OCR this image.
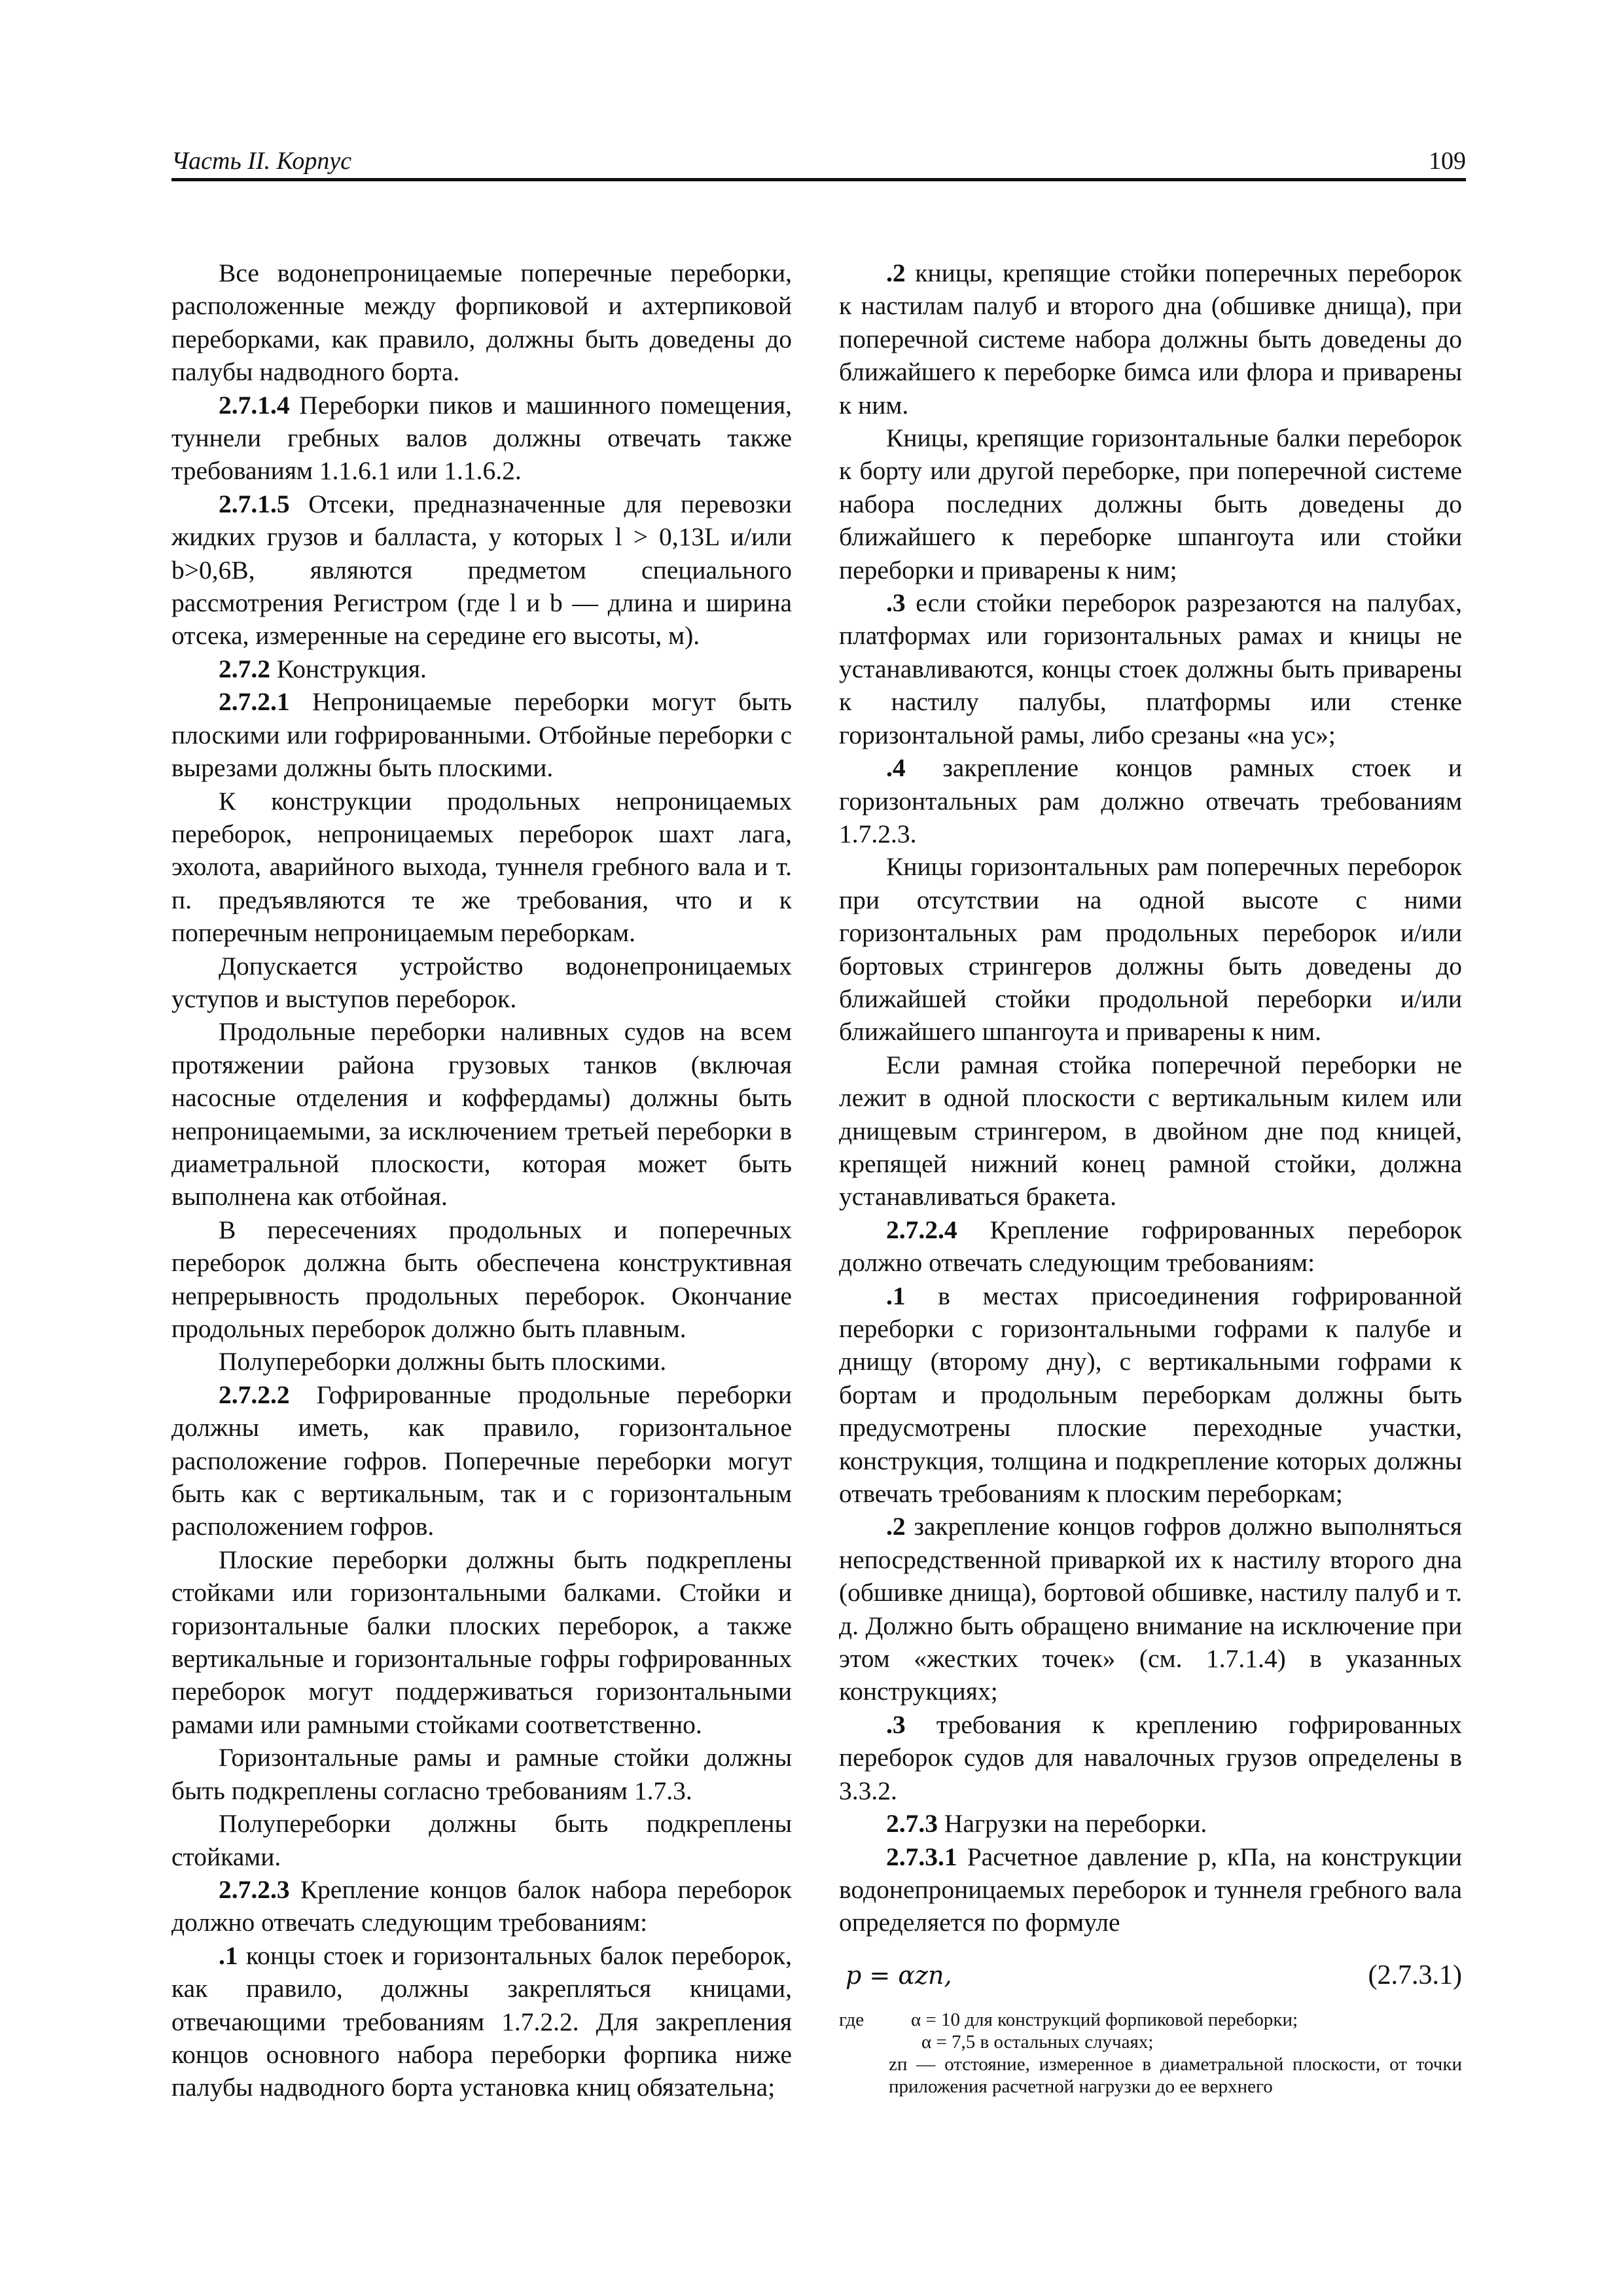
Часть II. Корпус	109

Все водонепроницаемые поперечные переборки, расположенные между форпиковой и ахтерпиковой переборками, как правило, должны быть доведены до палубы надводного борта.

2.7.1.4 Переборки пиков и машинного помещения, туннели гребных валов должны отвечать также требованиям 1.1.6.1 или 1.1.6.2.

2.7.1.5 Отсеки, предназначенные для перевозки жидких грузов и балласта, у которых l > 0,13L и/или b>0,6B, являются предметом специального рассмотрения Регистром (где l и b — длина и ширина отсека, измеренные на середине его высоты, м).

2.7.2 Конструкция.

2.7.2.1 Непроницаемые переборки могут быть плоскими или гофрированными. Отбойные переборки с вырезами должны быть плоскими.

К конструкции продольных непроницаемых переборок, непроницаемых переборок шахт лага, эхолота, аварийного выхода, туннеля гребного вала и т. п. предъявляются те же требования, что и к поперечным непроницаемым переборкам.

Допускается устройство водонепроницаемых уступов и выступов переборок.

Продольные переборки наливных судов на всем протяжении района грузовых танков (включая насосные отделения и коффердамы) должны быть непроницаемыми, за исключением третьей переборки в диаметральной плоскости, которая может быть выполнена как отбойная.

В пересечениях продольных и поперечных переборок должна быть обеспечена конструктивная непрерывность продольных переборок. Окончание продольных переборок должно быть плавным.

Полупереборки должны быть плоскими.

2.7.2.2 Гофрированные продольные переборки должны иметь, как правило, горизонтальное расположение гофров. Поперечные переборки могут быть как с вертикальным, так и с горизонтальным расположением гофров.

Плоские переборки должны быть подкреплены стойками или горизонтальными балками. Стойки и горизонтальные балки плоских переборок, а также вертикальные и горизонтальные гофры гофрированных переборок могут поддерживаться горизонтальными рамами или рамными стойками соответственно.

Горизонтальные рамы и рамные стойки должны быть подкреплены согласно требованиям 1.7.3.

Полупереборки должны быть подкреплены стойками.

2.7.2.3 Крепление концов балок набора переборок должно отвечать следующим требованиям:

.1 концы стоек и горизонтальных балок переборок, как правило, должны закрепляться кницами, отвечающими требованиям 1.7.2.2. Для закрепления концов основного набора переборки форпика ниже палубы надводного борта установка книц обязательна;

.2 кницы, крепящие стойки поперечных переборок к настилам палуб и второго дна (обшивке днища), при поперечной системе набора должны быть доведены до ближайшего к переборке бимса или флора и приварены к ним.

Кницы, крепящие горизонтальные балки переборок к борту или другой переборке, при поперечной системе набора последних должны быть доведены до ближайшего к переборке шпангоута или стойки переборки и приварены к ним;

.3 если стойки переборок разрезаются на палубах, платформах или горизонтальных рамах и кницы не устанавливаются, концы стоек должны быть приварены к настилу палубы, платформы или стенке горизонтальной рамы, либо срезаны «на ус»;

.4 закрепление концов рамных стоек и горизонтальных рам должно отвечать требованиям 1.7.2.3.

Кницы горизонтальных рам поперечных переборок при отсутствии на одной высоте с ними горизонтальных рам продольных переборок и/или бортовых стрингеров должны быть доведены до ближайшей стойки продольной переборки и/или ближайшего шпангоута и приварены к ним.

Если рамная стойка поперечной переборки не лежит в одной плоскости с вертикальным килем или днищевым стрингером, в двойном дне под кницей, крепящей нижний конец рамной стойки, должна устанавливаться бракета.

2.7.2.4 Крепление гофрированных переборок должно отвечать следующим требованиям:

.1 в местах присоединения гофрированной переборки с горизонтальными гофрами к палубе и днищу (второму дну), с вертикальными гофрами к бортам и продольным переборкам должны быть предусмотрены плоские переходные участки, конструкция, толщина и подкрепление которых должны отвечать требованиям к плоским переборкам;

.2 закрепление концов гофров должно выполняться непосредственной приваркой их к настилу второго дна (обшивке днища), бортовой обшивке, настилу палуб и т. д. Должно быть обращено внимание на исключение при этом «жестких точек» (см. 1.7.1.4) в указанных конструкциях;

.3 требования к креплению гофрированных переборок судов для навалочных грузов определены в 3.3.2.

2.7.3 Нагрузки на переборки.

2.7.3.1 Расчетное давление p, кПа, на конструкции водонепроницаемых переборок и туннеля гребного вала определяется по формуле

p = αzп,	(2.7.3.1)
где α = 10 для конструкций форпиковой переборки;
α = 7,5 в остальных случаях;
zп — отстояние, измеренное в диаметральной плоскости, от точки приложения расчетной нагрузки до ее верхнего
